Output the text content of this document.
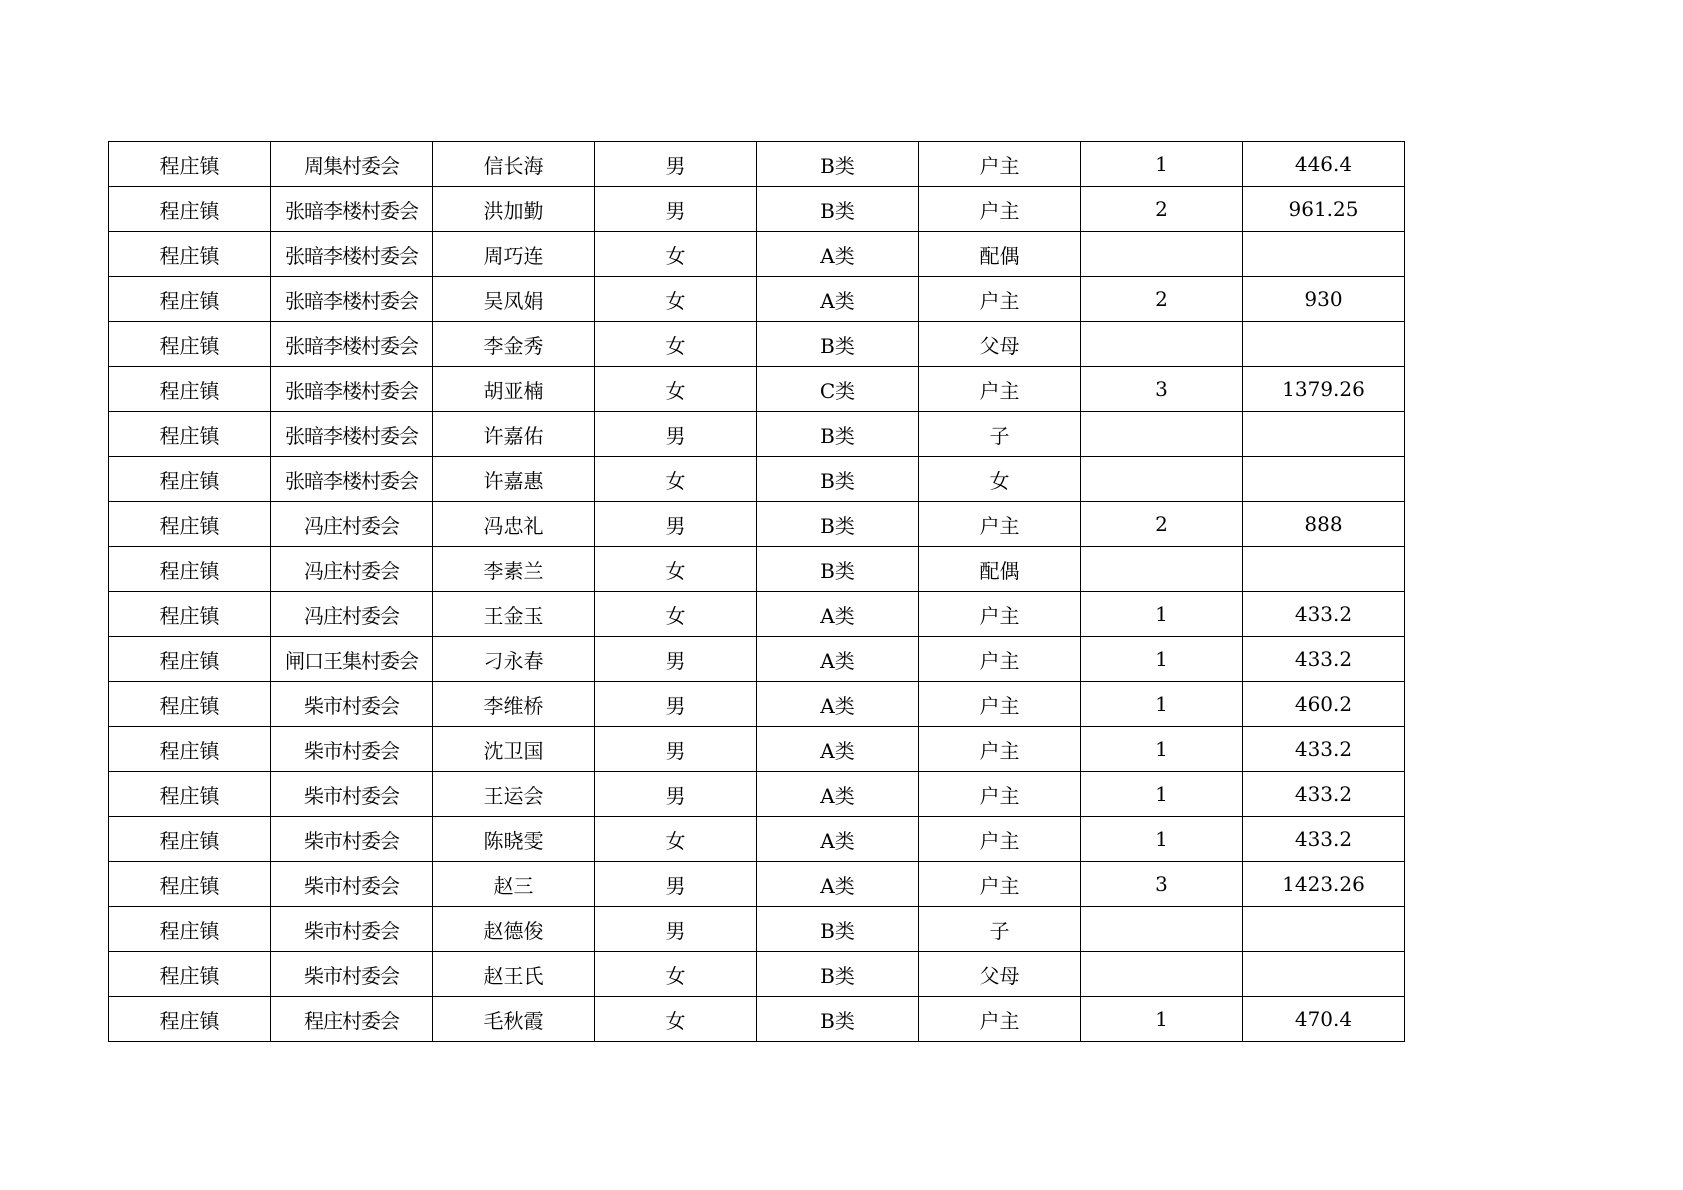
程庄镇	周集村委会	信长海	男	B类	户主	1	446.4
程庄镇	张暗李楼村委会	洪加勤	男	B类	户主	2	961.25
程庄镇	张暗李楼村委会	周巧连	女	A类	配偶		
程庄镇	张暗李楼村委会	吴凤娟	女	A类	户主	2	930
程庄镇	张暗李楼村委会	李金秀	女	B类	父母		
程庄镇	张暗李楼村委会	胡亚楠	女	C类	户主	3	1379.26
程庄镇	张暗李楼村委会	许嘉佑	男	B类	子		
程庄镇	张暗李楼村委会	许嘉惠	女	B类	女		
程庄镇	冯庄村委会	冯忠礼	男	B类	户主	2	888
程庄镇	冯庄村委会	李素兰	女	B类	配偶		
程庄镇	冯庄村委会	王金玉	女	A类	户主	1	433.2
程庄镇	闸口王集村委会	刁永春	男	A类	户主	1	433.2
程庄镇	柴市村委会	李维桥	男	A类	户主	1	460.2
程庄镇	柴市村委会	沈卫国	男	A类	户主	1	433.2
程庄镇	柴市村委会	王运会	男	A类	户主	1	433.2
程庄镇	柴市村委会	陈晓雯	女	A类	户主	1	433.2
程庄镇	柴市村委会	赵三	男	A类	户主	3	1423.26
程庄镇	柴市村委会	赵德俊	男	B类	子		
程庄镇	柴市村委会	赵王氏	女	B类	父母		
程庄镇	程庄村委会	毛秋霞	女	B类	户主	1	470.4
